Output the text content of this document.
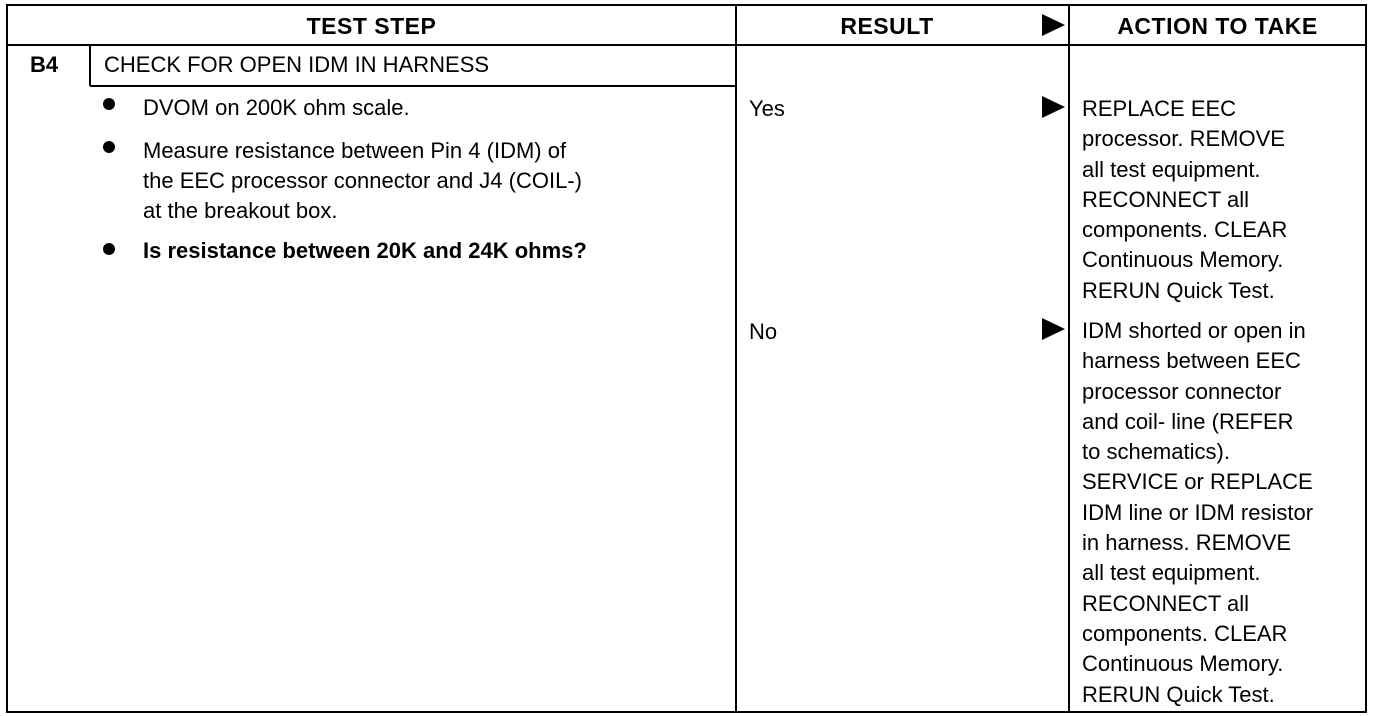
TEST STEP	RESULT	ACTION TO TAKE
B4 CHECK FOR OPEN IDM IN HARNESS
DVOM on 200K ohm scale.
Measure resistance between Pin 4 (IDM) of
the EEC processor connector and J4 (COIL-)
at the breakout box.
Is resistance between 20K and 24K ohms?
Yes
No
REPLACE EEC
processor. REMOVE
all test equipment.
RECONNECT all
components. CLEAR
Continuous Memory.
RERUN Quick Test.
IDM shorted or open in
harness between EEC
processor connector
and coil- line (REFER
to schematics).
SERVICE or REPLACE
IDM line or IDM resistor
in harness. REMOVE
all test equipment.
RECONNECT all
components. CLEAR
Continuous Memory.
RERUN Quick Test.
